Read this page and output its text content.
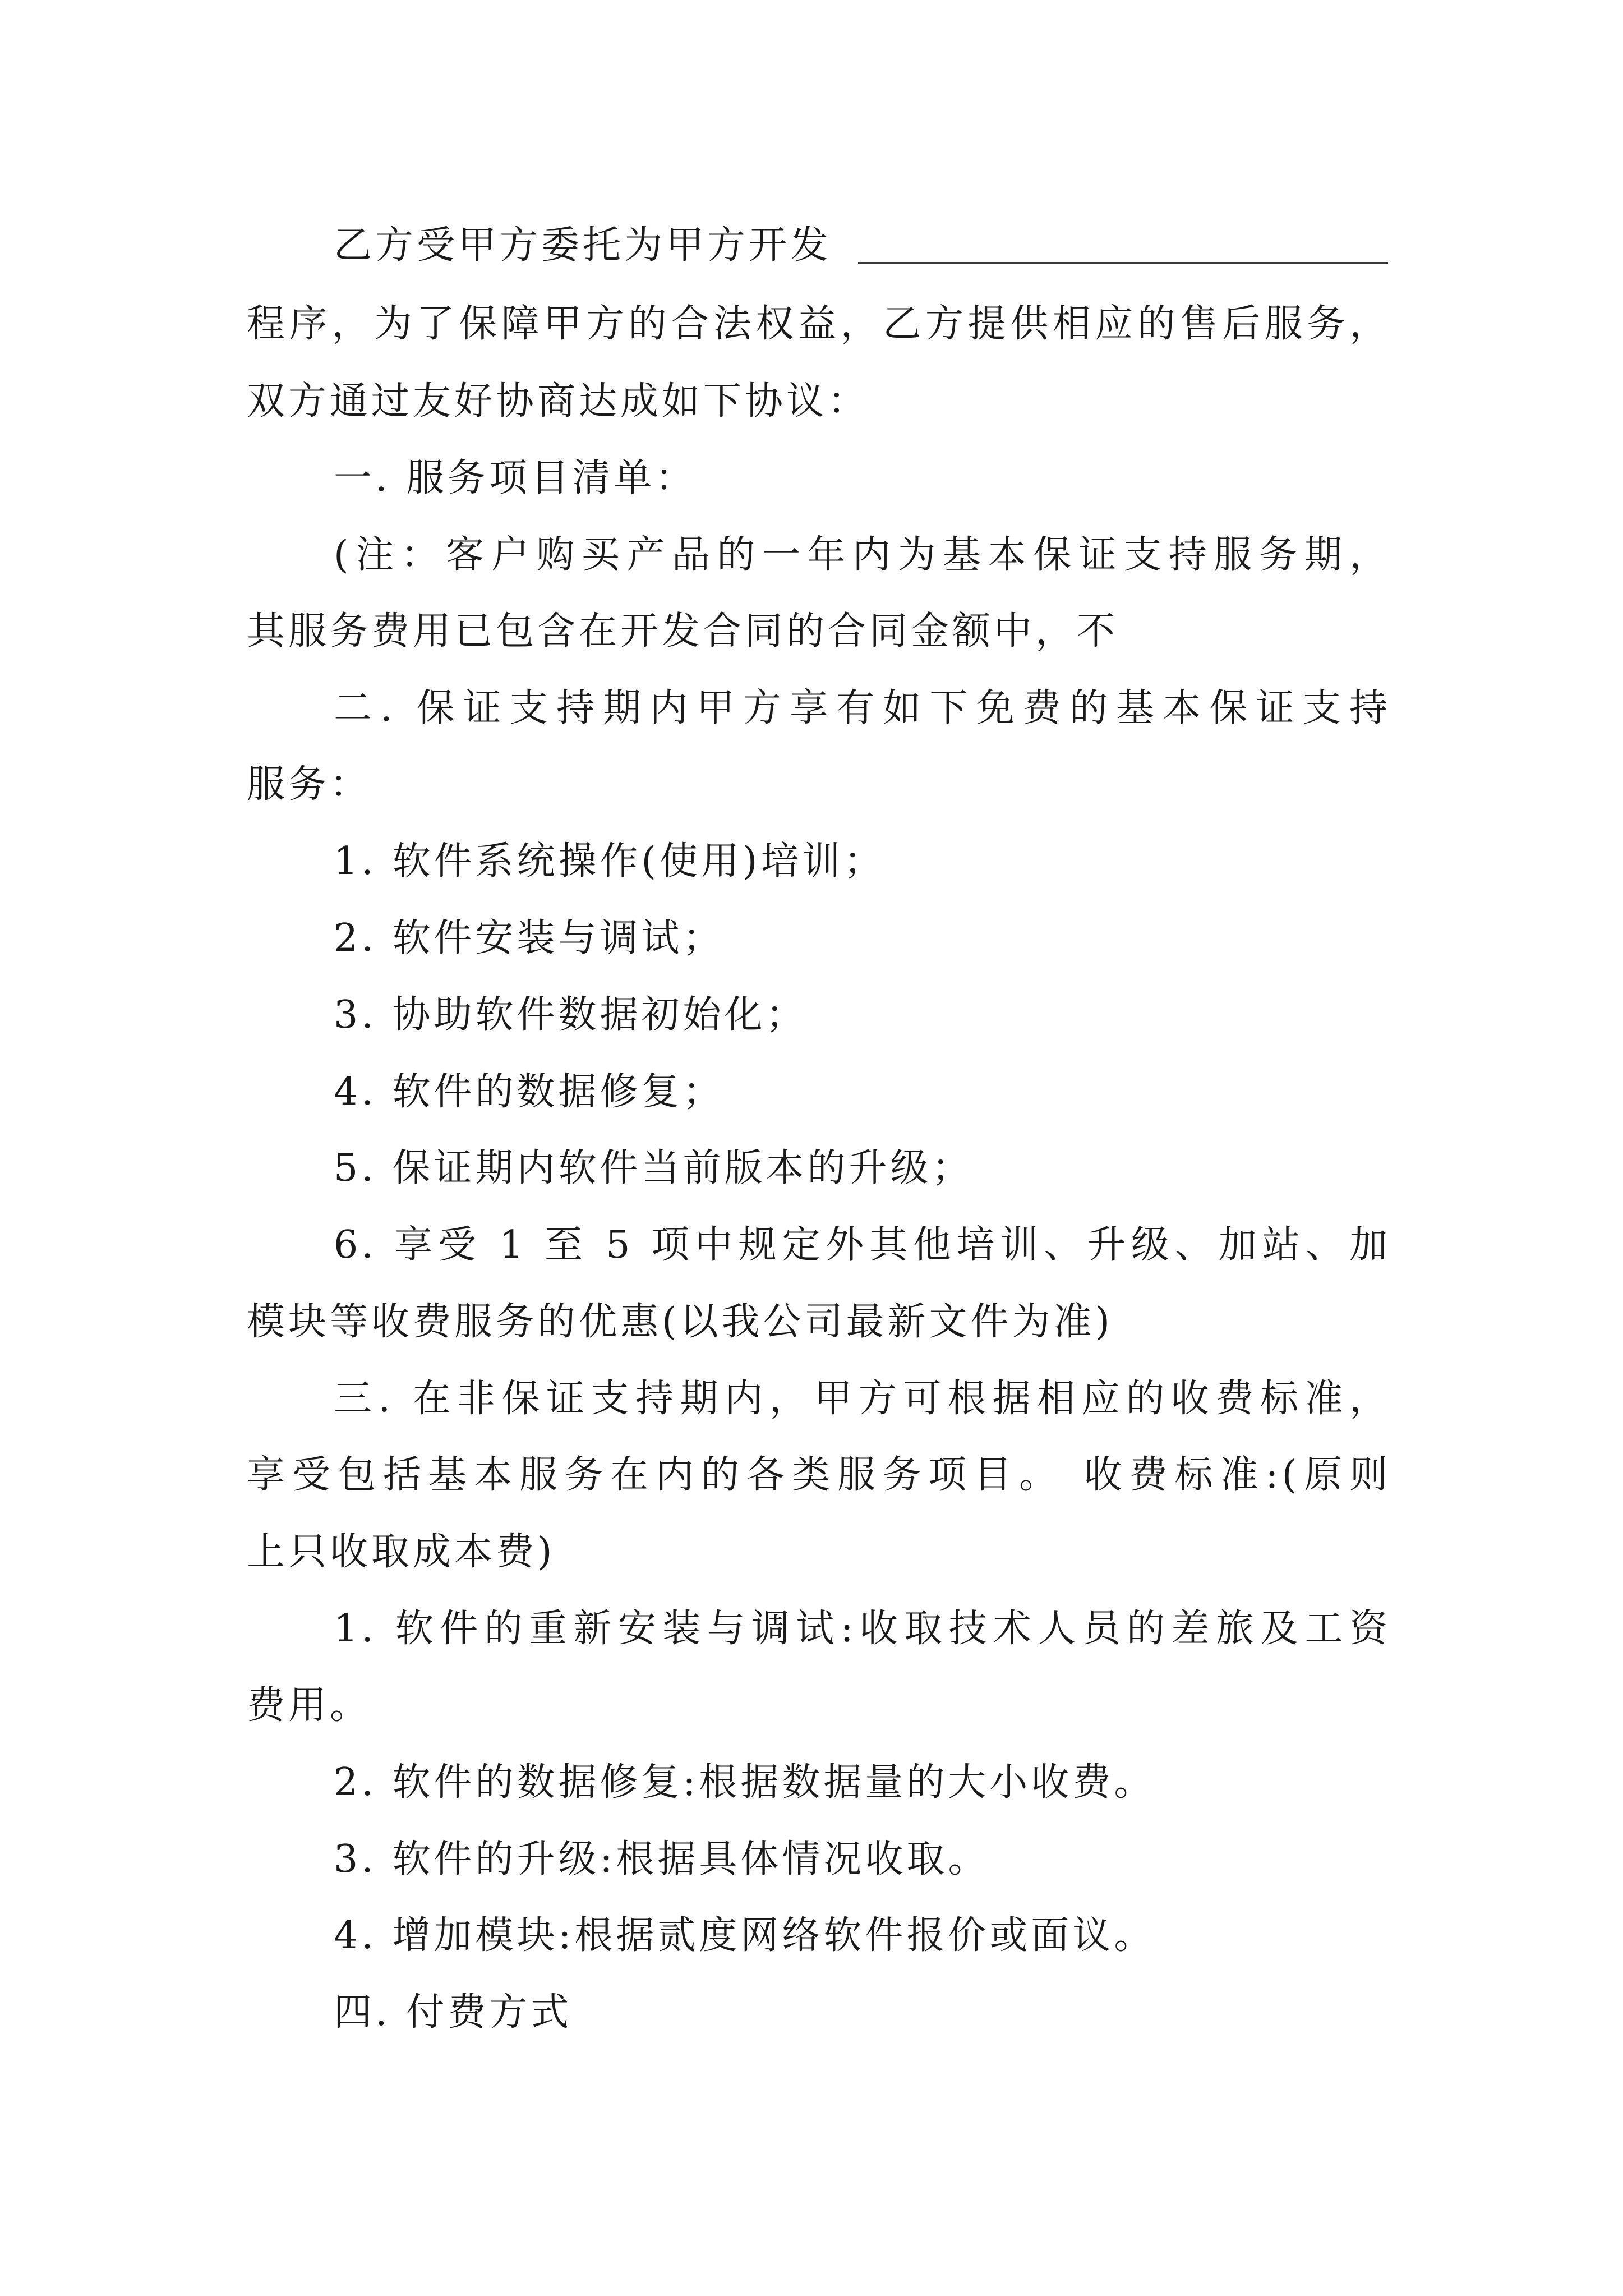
乙方受甲方委托为甲方开发
程序，为了保障甲方的合法权益，乙方提供相应的售后服务，
双方通过友好协商达成如下协议：
一. 服务项目清单：
(注：客户购买产品的一年内为基本保证支持服务期，
其服务费用已包含在开发合同的合同金额中，不
二. 保证支持期内甲方享有如下免费的基本保证支持
服务：
1. 软件系统操作(使用)培训；
2. 软件安装与调试；
3. 协助软件数据初始化；
4. 软件的数据修复；
5. 保证期内软件当前版本的升级；
6. 享受 1 至 5 项中规定外其他培训、升级、加站、加
模块等收费服务的优惠(以我公司最新文件为准)
三. 在非保证支持期内，甲方可根据相应的收费标准，
享受包括基本服务在内的各类服务项目。 收费标准:(原则
上只收取成本费)
1. 软件的重新安装与调试:收取技术人员的差旅及工资
费用。
2. 软件的数据修复:根据数据量的大小收费。
3. 软件的升级:根据具体情况收取。
4. 增加模块:根据贰度网络软件报价或面议。
四. 付费方式
